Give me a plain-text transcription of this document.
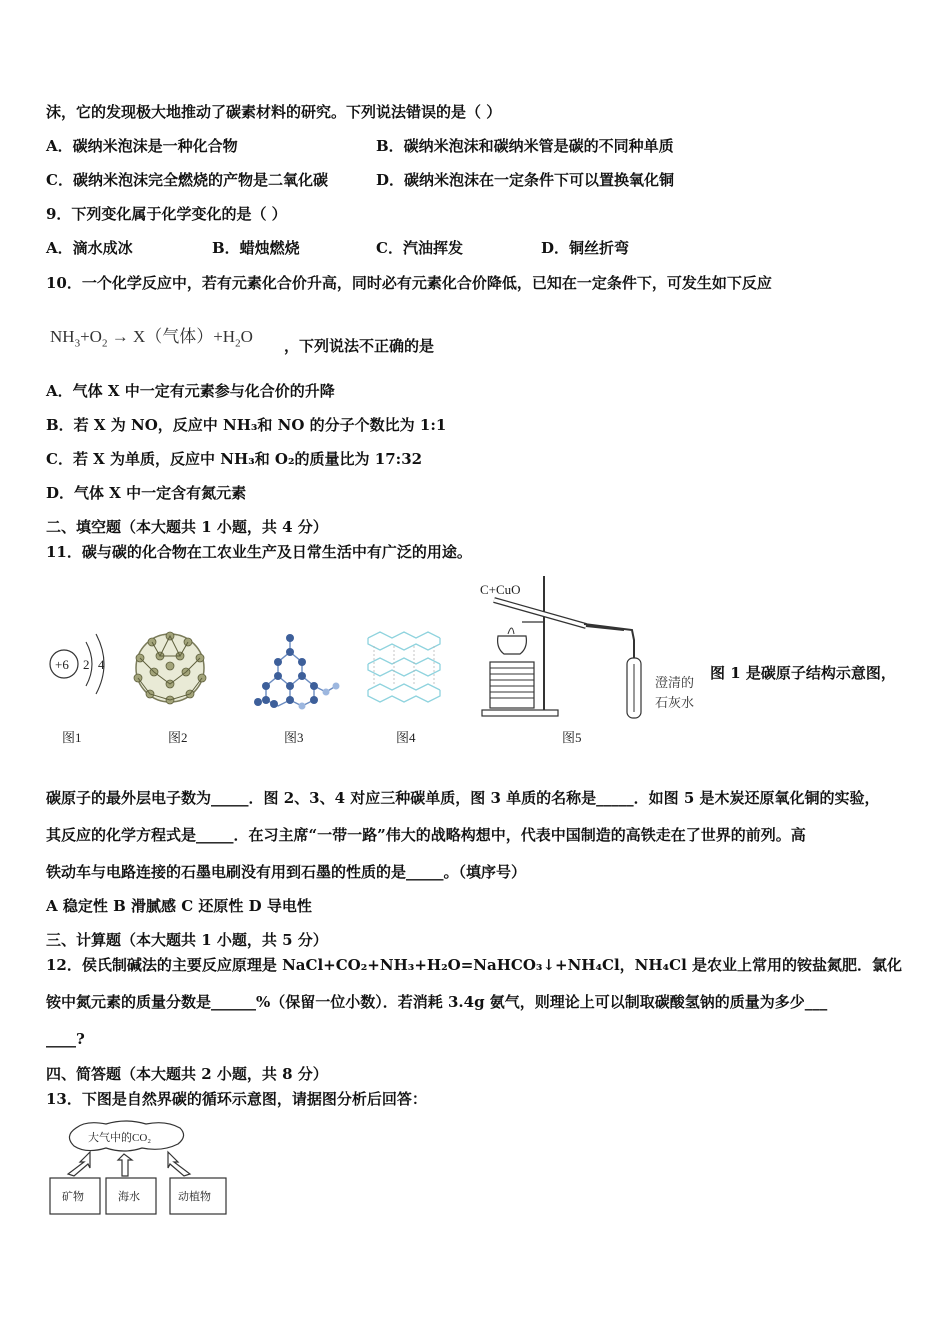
沫，它的发现极大地推动了碳素材料的研究。下列说法错误的是（ ）
A．碳纳米泡沫是一种化合物	B．碳纳米泡沫和碳纳米管是碳的不同种单质
C．碳纳米泡沫完全燃烧的产物是二氧化碳	D．碳纳米泡沫在一定条件下可以置换氧化铜
9．下列变化属于化学变化的是（ ）
A．滴水成冰	B．蜡烛燃烧	C．汽油挥发	D．铜丝折弯
10．一个化学反应中，若有元素化合价升高，同时必有元素化合价降低，已知在一定条件下，可发生如下反应
$NH_3+O_2 \to X$（气体）$+H_2O$ ，下列说法不正确的是
A．气体 X 中一定有元素参与化合价的升降
B．若 X 为 NO，反应中 NH₃和 NO 的分子个数比为 1:1
C．若 X 为单质，反应中 NH₃和 O₂的质量比为 17:32
D．气体 X 中一定含有氮元素
二、填空题（本大题共 1 小题，共 4 分）
11．碳与碳的化合物在工农业生产及日常生活中有广泛的用途。
+6 2 4
C+CuO
澄清的
石灰水
图 1 是碳原子结构示意图，
图1	图2	图3	图4	图5
碳原子的最外层电子数为_____．图 2、3、4 对应三种碳单质，图 3 单质的名称是_____．如图 5 是木炭还原氧化铜的实验，
其反应的化学方程式是_____．在习主席“一带一路”伟大的战略构想中，代表中国制造的高铁走在了世界的前列。高
铁动车与电路连接的石墨电刷没有用到石墨的性质的是_____。（填序号）
A 稳定性 B 滑腻感 C 还原性 D 导电性
三、计算题（本大题共 1 小题，共 5 分）
12．侯氏制碱法的主要反应原理是 NaCl+CO₂+NH₃+H₂O=NaHCO₃↓+NH₄Cl，NH₄Cl 是农业上常用的铵盐氮肥．氯化
铵中氮元素的质量分数是______%（保留一位小数）．若消耗 3.4g 氨气，则理论上可以制取碳酸氢钠的质量为多少___
____?
四、简答题（本大题共 2 小题，共 8 分）
13．下图是自然界碳的循环示意图，请据图分析后回答：
大气中的CO₂
矿物	海水	动植物
